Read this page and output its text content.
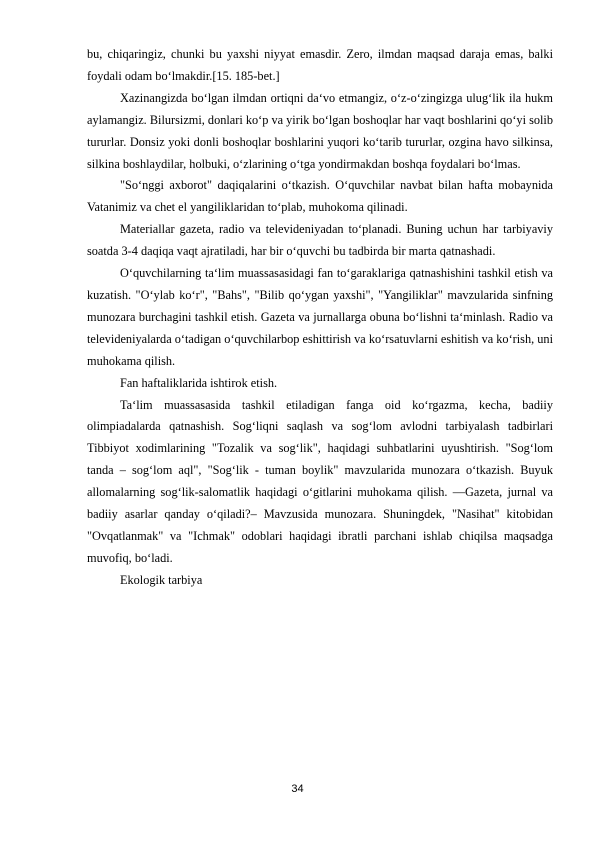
bu, chiqaringiz, chunki bu yaxshi niyyat emasdir. Zero, ilmdan maqsad daraja emas, balki foydali odam bo‘lmakdir.[15. 185-bet.]

Xazinangizda bo‘lgan ilmdan ortiqni da‘vo etmangiz, o‘z-o‘zingizga ulug‘lik ila hukm aylamangiz. Bilursizmi, donlari ko‘p va yirik bo‘lgan boshoqlar har vaqt boshlarini qo‘yi solib tururlar. Donsiz yoki donli boshoqlar boshlarini yuqori ko‘tarib tururlar, ozgina havo silkinsa, silkina boshlaydilar, holbuki, o‘zlarining o‘tga yondirmakdan boshqa foydalari bo‘lmas.

"So‘nggi axborot" daqiqalarini o‘tkazish. O‘quvchilar navbat bilan hafta mobaynida Vatanimiz va chet el yangiliklaridan to‘plab, muhokoma qilinadi.

Materiallar gazeta, radio va televideniyadan to‘planadi. Buning uchun har tarbiyaviy soatda 3-4 daqiqa vaqt ajratiladi, har bir o‘quvchi bu tadbirda bir marta qatnashadi.

O‘quvchilarning ta‘lim muassasasidagi fan to‘garaklariga qatnashishini tashkil etish va kuzatish. "O‘ylab ko‘r", "Bahs", "Bilib qo‘ygan yaxshi", "Yangiliklar" mavzularida sinfning munozara burchagini tashkil etish. Gazeta va jurnallarga obuna bo‘lishni ta‘minlash. Radio va televideniyalarda o‘tadigan o‘quvchilarbop eshittirish va ko‘rsatuvlarni eshitish va ko‘rish, uni muhokama qilish.

Fan haftaliklarida ishtirok etish.

Ta‘lim muassasasida tashkil etiladigan fanga oid ko‘rgazma, kecha, badiiy olimpiadalarda qatnashish. Sog‘liqni saqlash va sog‘lom avlodni tarbiyalash tadbirlari Tibbiyot xodimlarining "Tozalik va sog‘lik", haqidagi suhbatlarini uyushtirish. "Sog‘lom tanda – sog‘lom aql", "Sog‘lik - tuman boylik" mavzularida munozara o‘tkazish. Buyuk allomalarning sog‘lik-salomatlik haqidagi o‘gitlarini muhokama qilish. ―Gazeta, jurnal va badiiy asarlar qanday o‘qiladi?– Mavzusida munozara. Shuningdek, "Nasihat" kitobidan "Ovqatlanmak" va "Ichmak" odoblari haqidagi ibratli parchani ishlab chiqilsa maqsadga muvofiq, bo‘ladi.

Ekologik tarbiya

34
